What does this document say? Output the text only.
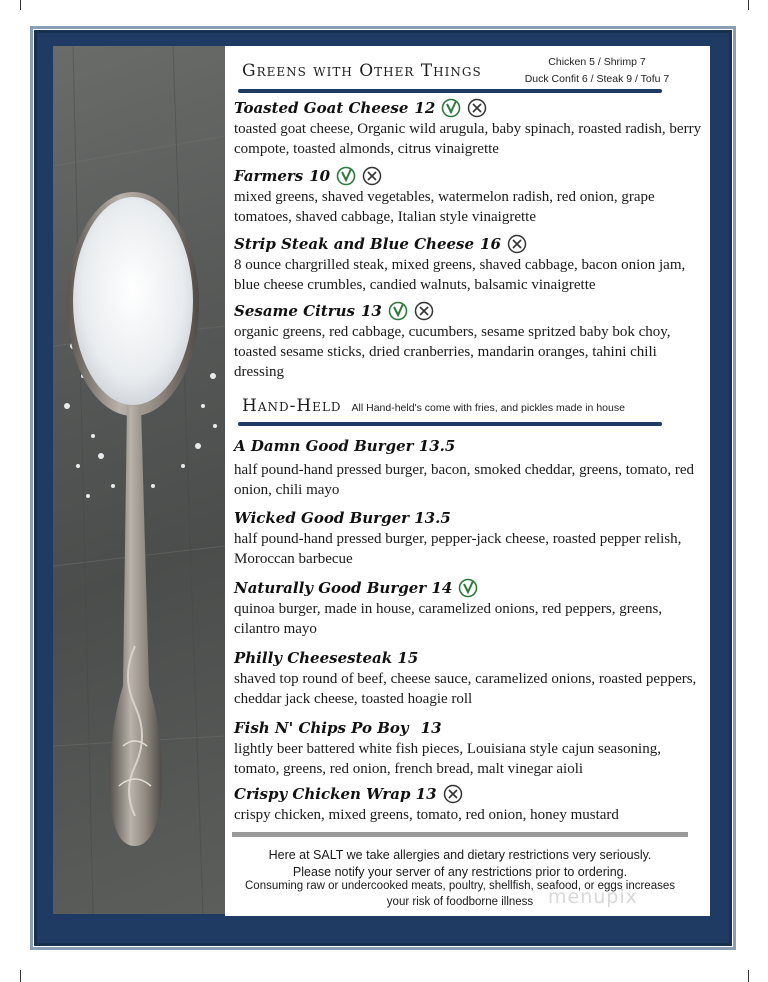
Greens with Other Things	Chicken 5 / Shrimp 7
Duck Confit 6 / Steak 9 / Tofu 7
Toasted Goat Cheese 12
toasted goat cheese, Organic wild arugula, baby spinach, roasted radish, berry compote, toasted almonds, citrus vinaigrette
Farmers 10
mixed greens, shaved vegetables, watermelon radish, red onion, grape tomatoes, shaved cabbage, Italian style vinaigrette
Strip Steak and Blue Cheese 16
8 ounce chargrilled steak, mixed greens, shaved cabbage, bacon onion jam, blue cheese crumbles, candied walnuts, balsamic vinaigrette
Sesame Citrus 13
organic greens, red cabbage, cucumbers, sesame spritzed baby bok choy, toasted sesame sticks, dried cranberries, mandarin oranges, tahini chili dressing
Hand-Held All Hand-held's come with fries, and pickles made in house
A Damn Good Burger 13.5
half pound-hand pressed burger, bacon, smoked cheddar, greens, tomato, red onion, chili mayo
Wicked Good Burger 13.5
half pound-hand pressed burger, pepper-jack cheese, roasted pepper relish, Moroccan barbecue
Naturally Good Burger 14
quinoa burger, made in house, caramelized onions, red peppers, greens, cilantro mayo
Philly Cheesesteak 15
shaved top round of beef, cheese sauce, caramelized onions, roasted peppers, cheddar jack cheese, toasted hoagie roll
Fish N' Chips Po Boy 13
lightly beer battered white fish pieces, Louisiana style cajun seasoning, tomato, greens, red onion, french bread, malt vinegar aioli
Crispy Chicken Wrap 13
crispy chicken, mixed greens, tomato, red onion, honey mustard
Here at SALT we take allergies and dietary restrictions very seriously.
Please notify your server of any restrictions prior to ordering.
Consuming raw or undercooked meats, poultry, shellfish, seafood, or eggs increases
your risk of foodborne illness menupix
